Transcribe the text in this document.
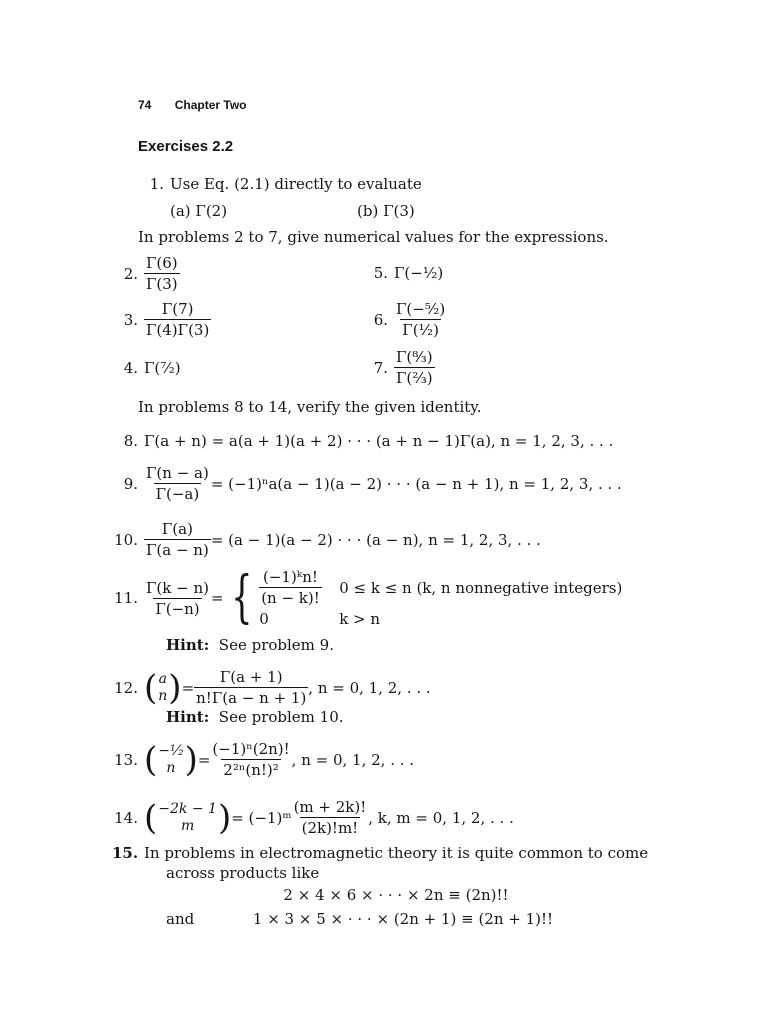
74 Chapter Two
Exercises 2.2
1. Use Eq. (2.1) directly to evaluate
(a) Γ(2)	(b) Γ(3)
In problems 2 to 7, give numerical values for the expressions.
2. $\frac{\Gamma(6)}{\Gamma(3)}$	5. Γ(−¹⁄₂)
3. $\frac{\Gamma(7)}{\Gamma(4)\Gamma(3)}$	6. $\frac{\text{Γ(−⁵⁄₂)}}{\text{Γ(¹⁄₂)}}$
4. Γ(⁷⁄₂)	7. $\frac{\text{Γ(⁸⁄₃)}}{\text{Γ(²⁄₃)}}$
In problems 8 to 14, verify the given identity.
8. Γ(a + n) = a(a + 1)(a + 2) · · · (a + n − 1)Γ(a), n = 1, 2, 3, . . .
9. $\frac{\Gamma(n - a)}{\Gamma(-a)} = (-1)^na(a - 1)(a - 2)$ · · · (a − n + 1), n = 1, 2, 3, . . .
10. $\frac{\Gamma(a)}{\Gamma(a - n)} = (a - 1)(a - 2)$ · · · (a − n), n = 1, 2, 3, . . .
11. $\frac{\Gamma(k - n)}{\Gamma(-n)}$ = { $\frac{\text{(−1)ᵏn!}}{(n - k)!} 0 \le k \le n$ (k, n nonnegative integers)
0	k > n
Hint: See problem 9.
12. ( a
n ) = $\frac{\Gamma(a + 1)}{n!\Gamma(a - n + 1)}$ , n = 0, 1, 2, . . .
Hint: See problem 10.
13. ( −¹⁄₂
n ) = $\frac{\text{(−1)ⁿ(2n)!}}{\text{2²ⁿ(n!)²}}$ , n = 0, 1, 2, . . .
14. ( −2k − 1
m ) = (−1)ᵐ $\frac{(m + 2k)!}{(2k)!m!}$ , k, m = 0, 1, 2, . . .
15. In problems in electromagnetic theory it is quite common to come
across products like
2 × 4 × 6 × · · · × 2n ≡ (2n)!!
and	1 × 3 × 5 × · · · × (2n + 1) ≡ (2n + 1)!!
